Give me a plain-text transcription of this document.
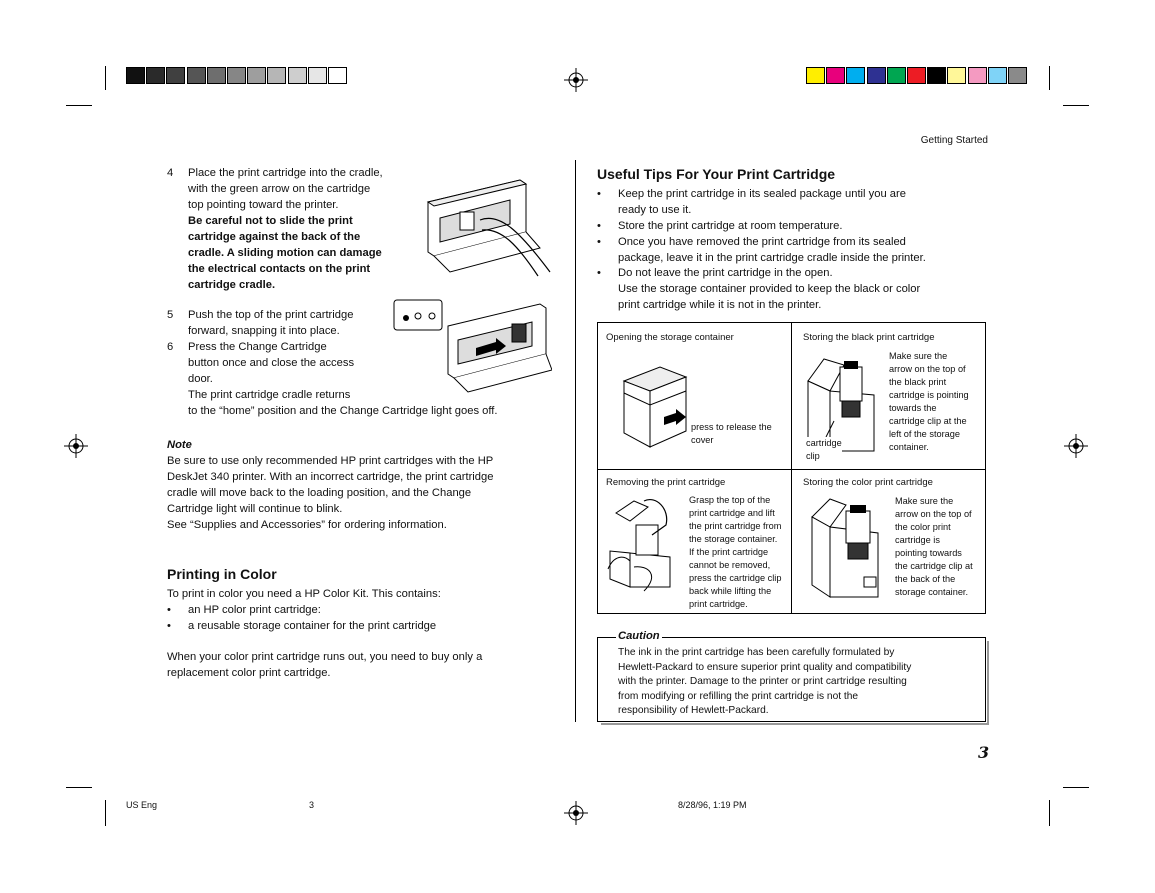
Getting Started
4	Place the print cartridge into the cradle,
with the green arrow on the cartridge
top pointing toward the printer.
Be careful not to slide the print
cartridge against the back of the
cradle. A sliding motion can damage
the electrical contacts on the print
cartridge cradle.
5	Push the top of the print cartridge
forward, snapping it into place.
6	Press the Change Cartridge
button once and close the access
door.
The print cartridge cradle returns
to the “home” position and the Change Cartridge light goes off.
Note
Be sure to use only recommended HP print cartridges with the HP
DeskJet 340 printer. With an incorrect cartridge, the print cartridge
cradle will move back to the loading position, and the Change
Cartridge light will continue to blink.
See “Supplies and Accessories” for ordering information.
Printing in Color
To print in color you need a HP Color Kit. This contains:
• an HP color print cartridge:
• a reusable storage container for the print cartridge
When your color print cartridge runs out, you need to buy only a
replacement color print cartridge.
Useful Tips For Your Print Cartridge
• Keep the print cartridge in its sealed package until you are
ready to use it.
• Store the print cartridge at room temperature.
• Once you have removed the print cartridge from its sealed
package, leave it in the print cartridge cradle inside the printer.
• Do not leave the print cartridge in the open.
Use the storage container provided to keep the black or color
print cartridge while it is not in the printer.
Opening the storage container
press to release the
cover
Storing the black print cartridge
Make sure the
arrow on the top of
the black print
cartridge is pointing
towards the
cartridge clip at the
left of the storage
container.
cartridge
clip
Removing the print cartridge
Grasp the top of the
print cartridge and lift
the print cartridge from
the storage container.
If the print cartridge
cannot be removed,
press the cartridge clip
back while lifting the
print cartridge.
Storing the color print cartridge
Make sure the
arrow on the top of
the color print
cartridge is
pointing towards
the cartridge clip at
the back of the
storage container.
Caution
The ink in the print cartridge has been carefully formulated by
Hewlett-Packard to ensure superior print quality and compatibility
with the printer. Damage to the printer or print cartridge resulting
from modifying or refilling the print cartridge is not the
responsibility of Hewlett-Packard.
3
US Eng	3	8/28/96, 1:19 PM
